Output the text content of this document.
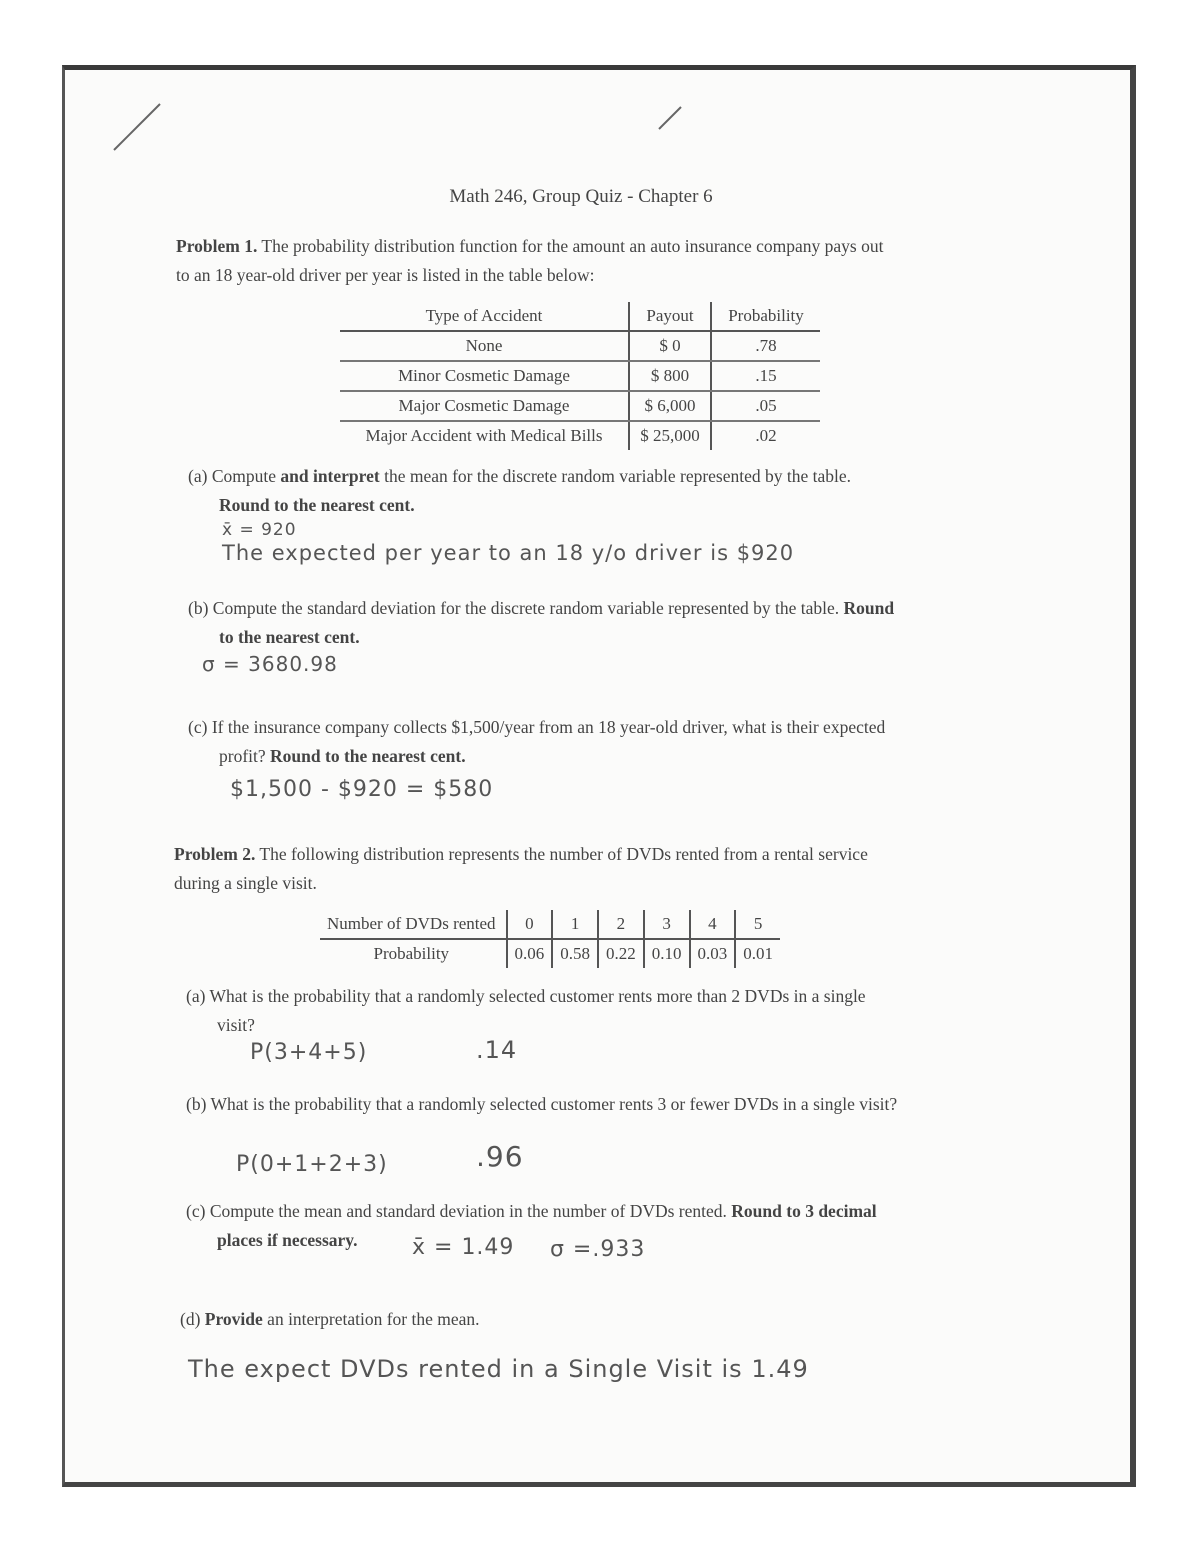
Math 246, Group Quiz - Chapter 6
Problem 1. The probability distribution function for the amount an auto insurance company pays out
to an 18 year-old driver per year is listed in the table below:
Type of Accident	Payout	Probability
None	$ 0	.78
Minor Cosmetic Damage	$ 800	.15
Major Cosmetic Damage	$ 6,000	.05
Major Accident with Medical Bills	$ 25,000	.02
(a) Compute and interpret the mean for the discrete random variable represented by the table.
Round to the nearest cent.
x̄ = 920
The expected per year to an 18 y/o driver is $920
(b) Compute the standard deviation for the discrete random variable represented by the table. Round
to the nearest cent.
σ = 3680.98
(c) If the insurance company collects $1,500/year from an 18 year-old driver, what is their expected
profit? Round to the nearest cent.
$1,500 - $920 = $580
Problem 2. The following distribution represents the number of DVDs rented from a rental service
during a single visit.
Number of DVDs rented	0	1	2	3	4	5
Probability	0.06	0.58	0.22	0.10	0.03	0.01
(a) What is the probability that a randomly selected customer rents more than 2 DVDs in a single
visit?
P(3+4+5)	.14
(b) What is the probability that a randomly selected customer rents 3 or fewer DVDs in a single visit?
P(0+1+2+3)	.96
(c) Compute the mean and standard deviation in the number of DVDs rented. Round to 3 decimal
places if necessary.	x̄ = 1.49 σ =.933
(d) Provide an interpretation for the mean.
The expect DVDs rented in a Single Visit is 1.49
